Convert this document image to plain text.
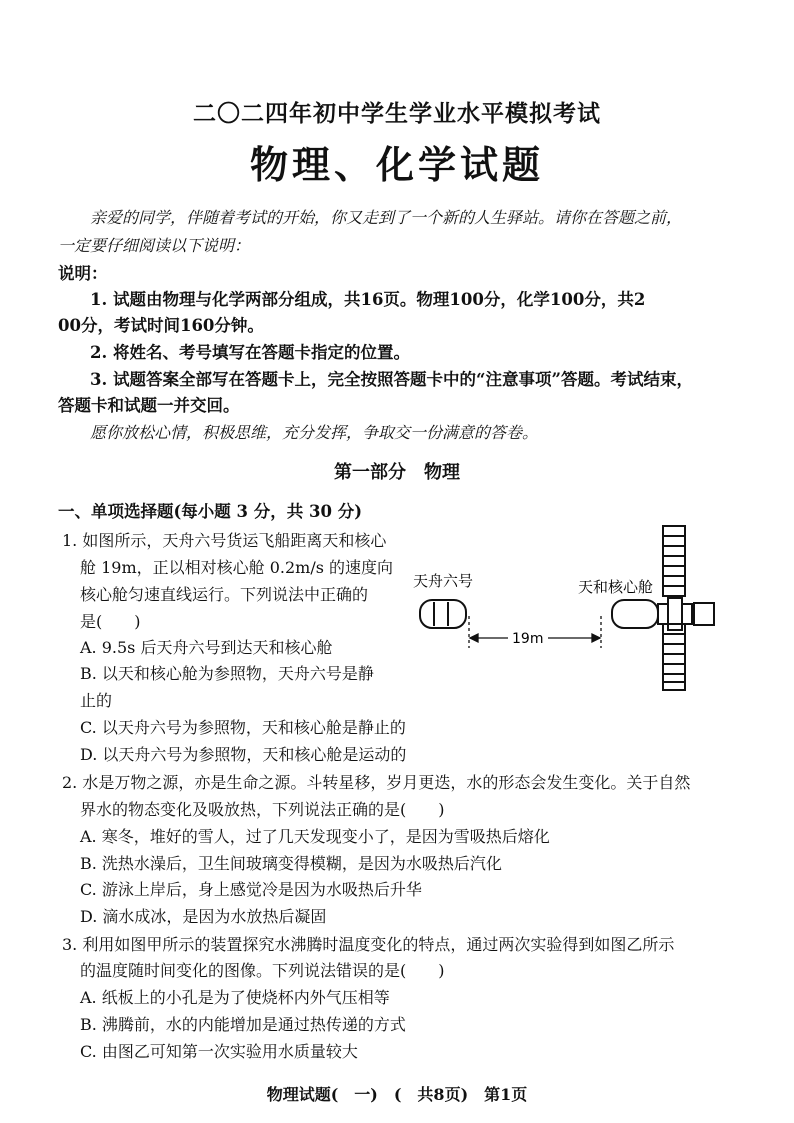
二〇二四年初中学生学业水平模拟考试
物理、化学试题
亲爱的同学，伴随着考试的开始，你又走到了一个新的人生驿站。请你在答题之前，
一定要仔细阅读以下说明：
说明：
1. 试题由物理与化学两部分组成，共16页。物理100分，化学100分，共2
00分，考试时间160分钟。
2. 将姓名、考号填写在答题卡指定的位置。
3. 试题答案全部写在答题卡上，完全按照答题卡中的“注意事项”答题。考试结束，
答题卡和试题一并交回。
愿你放松心情，积极思维，充分发挥，争取交一份满意的答卷。
第一部分　物理
一、单项选择题(每小题 3 分，共 30 分)
1. 如图所示，天舟六号货运飞船距离天和核心
舱 19m，正以相对核心舱 0.2m/s 的速度向
核心舱匀速直线运行。下列说法中正确的
是(　　)
A. 9.5s 后天舟六号到达天和核心舱
B. 以天和核心舱为参照物，天舟六号是静
止的
C. 以天舟六号为参照物，天和核心舱是静止的
D. 以天舟六号为参照物，天和核心舱是运动的
天舟六号	天和核心舱
19m
2. 水是万物之源，亦是生命之源。斗转星移，岁月更迭，水的形态会发生变化。关于自然
界水的物态变化及吸放热，下列说法正确的是(　　)
A. 寒冬，堆好的雪人，过了几天发现变小了，是因为雪吸热后熔化
B. 洗热水澡后，卫生间玻璃变得模糊，是因为水吸热后汽化
C. 游泳上岸后，身上感觉冷是因为水吸热后升华
D. 滴水成冰，是因为水放热后凝固
3. 利用如图甲所示的装置探究水沸腾时温度变化的特点，通过两次实验得到如图乙所示
的温度随时间变化的图像。下列说法错误的是(　　)
A. 纸板上的小孔是为了使烧杯内外气压相等
B. 沸腾前，水的内能增加是通过热传递的方式
C. 由图乙可知第一次实验用水质量较大
物理试题(　一)　(　共8页)　第1页
